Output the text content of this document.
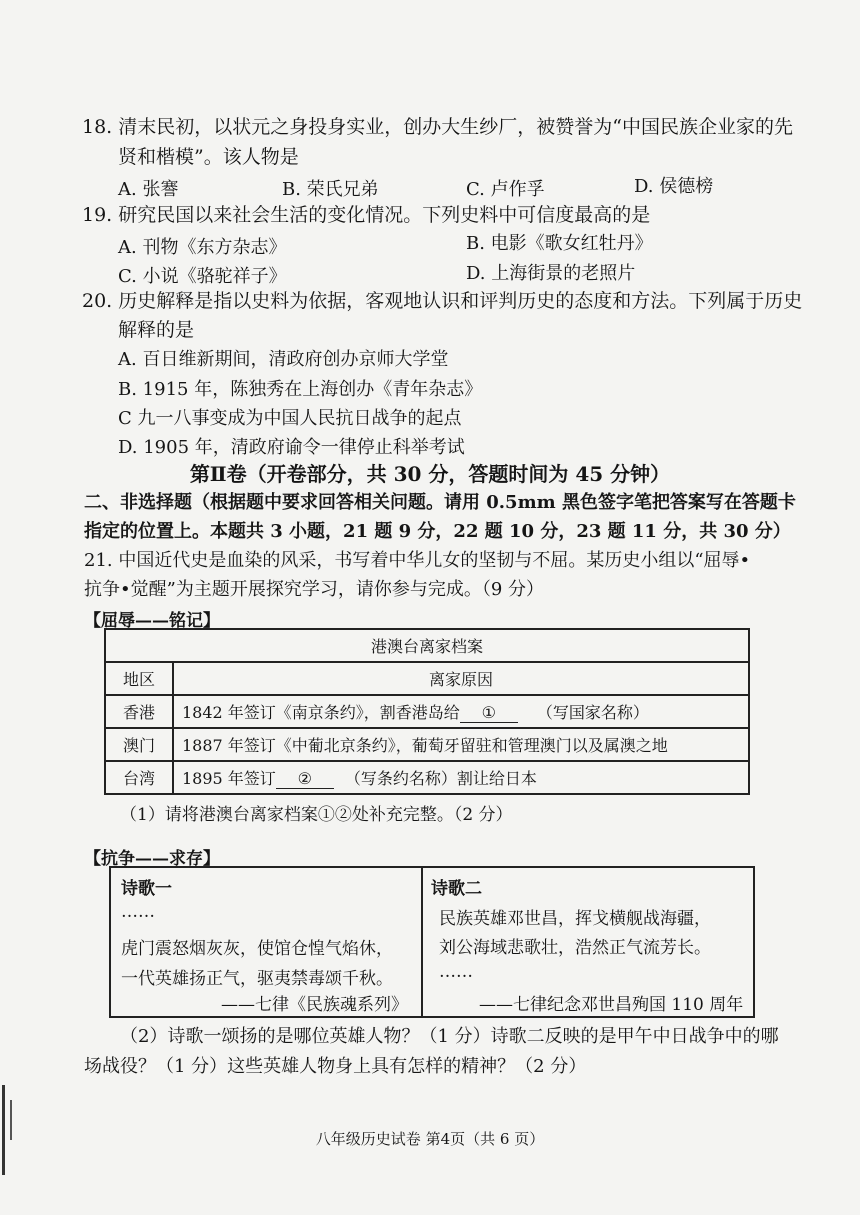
18. 清末民初，以状元之身投身实业，创办大生纱厂，被赞誉为“中国民族企业家的先
贤和楷模”。该人物是
A. 张謇	B. 荣氏兄弟	C. 卢作孚	D. 侯德榜
19. 研究民国以来社会生活的变化情况。下列史料中可信度最高的是
A. 刊物《东方杂志》	B. 电影《歌女红牡丹》
C. 小说《骆驼祥子》	D. 上海街景的老照片
20. 历史解释是指以史料为依据，客观地认识和评判历史的态度和方法。下列属于历史
解释的是
A. 百日维新期间，清政府创办京师大学堂
B. 1915 年，陈独秀在上海创办《青年杂志》
C 九一八事变成为中国人民抗日战争的起点
D. 1905 年，清政府谕令一律停止科举考试
第Ⅱ卷（开卷部分，共 30 分，答题时间为 45 分钟）
二、非选择题（根据题中要求回答相关问题。请用 0.5mm 黑色签字笔把答案写在答题卡
指定的位置上。本题共 3 小题，21 题 9 分，22 题 10 分，23 题 11 分，共 30 分）
21. 中国近代史是血染的风采，书写着中华儿女的坚韧与不屈。某历史小组以“屈辱•
抗争•觉醒”为主题开展探究学习，请你参与完成。（9 分）
【屈辱——铭记】
港澳台离家档案	
地区	离家原因
香港	1842 年签订《南京条约》，割香港岛给 ① （写国家名称）
澳门	1887 年签订《中葡北京条约》，葡萄牙留驻和管理澳门以及属澳之地
台湾	1895 年签订 ② （写条约名称）割让给日本
（1）请将港澳台离家档案①②处补充完整。（2 分）
【抗争——求存】
诗歌一
……
虎门震怒烟灰灰，使馆仓惶气焰休，
一代英雄扬正气，驱夷禁毒颂千秋。
——七律《民族魂系列》
诗歌二
民族英雄邓世昌，挥戈横舰战海疆，
刘公海域悲歌壮，浩然正气流芳长。
……
——七律纪念邓世昌殉国 110 周年
（2）诗歌一颂扬的是哪位英雄人物？（1 分）诗歌二反映的是甲午中日战争中的哪
场战役？（1 分）这些英雄人物身上具有怎样的精神？（2 分）
八年级历史试卷 第4页（共 6 页）
